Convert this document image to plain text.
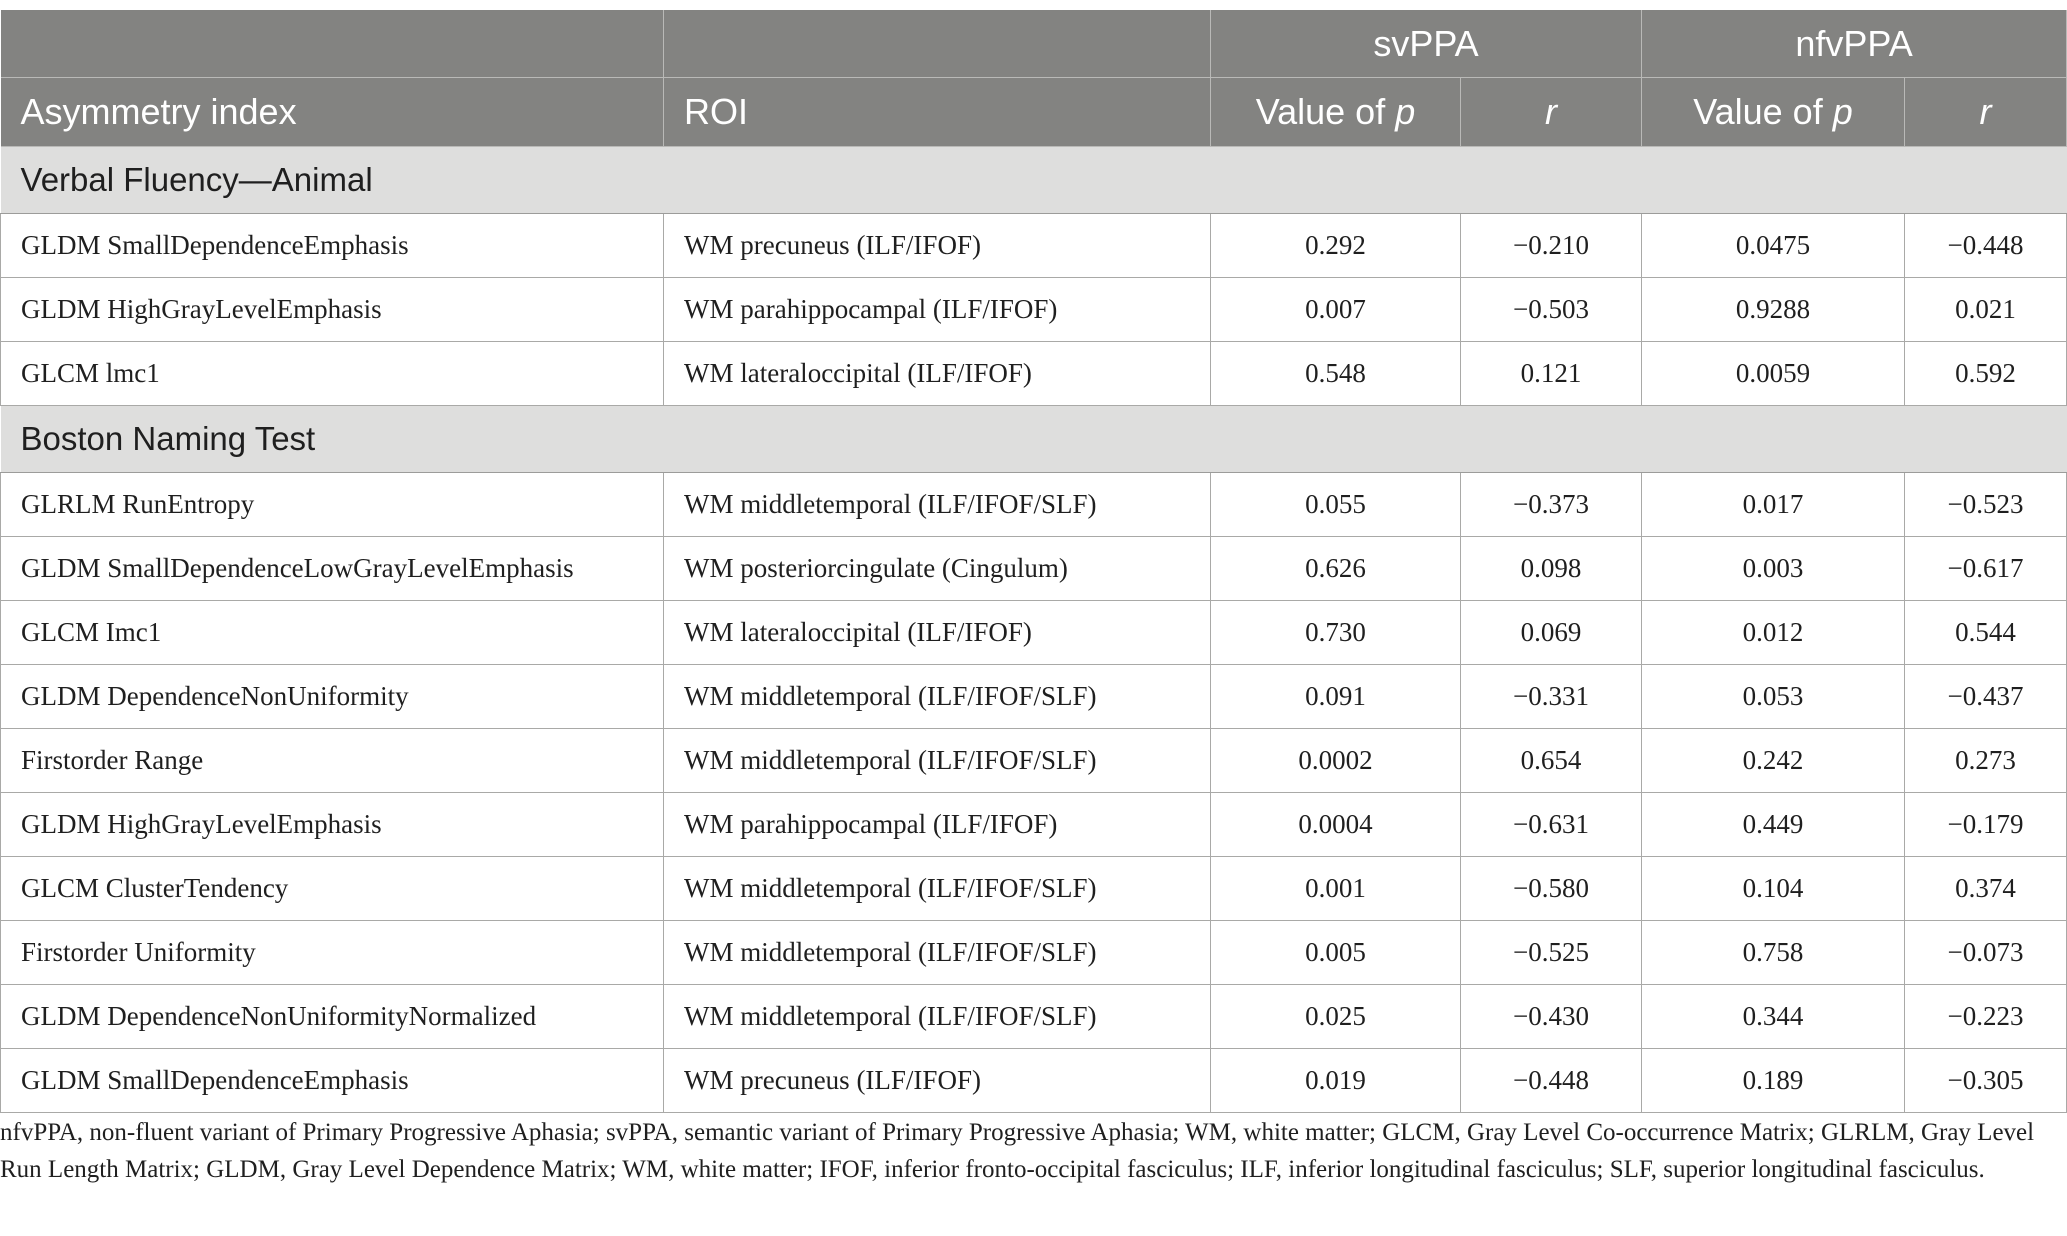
		svPPA		nfvPPA	
Asymmetry index	ROI	Value of p	r	Value of p	r
Verbal Fluency—Animal					
GLDM SmallDependenceEmphasis	WM precuneus (ILF/IFOF)	0.292	−0.210	0.0475	−0.448
GLDM HighGrayLevelEmphasis	WM parahippocampal (ILF/IFOF)	0.007	−0.503	0.9288	0.021
GLCM lmc1	WM lateraloccipital (ILF/IFOF)	0.548	0.121	0.0059	0.592
Boston Naming Test					
GLRLM RunEntropy	WM middletemporal (ILF/IFOF/SLF)	0.055	−0.373	0.017	−0.523
GLDM SmallDependenceLowGrayLevelEmphasis	WM posteriorcingulate (Cingulum)	0.626	0.098	0.003	−0.617
GLCM Imc1	WM lateraloccipital (ILF/IFOF)	0.730	0.069	0.012	0.544
GLDM DependenceNonUniformity	WM middletemporal (ILF/IFOF/SLF)	0.091	−0.331	0.053	−0.437
Firstorder Range	WM middletemporal (ILF/IFOF/SLF)	0.0002	0.654	0.242	0.273
GLDM HighGrayLevelEmphasis	WM parahippocampal (ILF/IFOF)	0.0004	−0.631	0.449	−0.179
GLCM ClusterTendency	WM middletemporal (ILF/IFOF/SLF)	0.001	−0.580	0.104	0.374
Firstorder Uniformity	WM middletemporal (ILF/IFOF/SLF)	0.005	−0.525	0.758	−0.073
GLDM DependenceNonUniformityNormalized	WM middletemporal (ILF/IFOF/SLF)	0.025	−0.430	0.344	−0.223
GLDM SmallDependenceEmphasis	WM precuneus (ILF/IFOF)	0.019	−0.448	0.189	−0.305
nfvPPA, non-fluent variant of Primary Progressive Aphasia; svPPA, semantic variant of Primary Progressive Aphasia; WM, white matter; GLCM, Gray Level Co-occurrence Matrix; GLRLM, Gray Level Run Length Matrix; GLDM, Gray Level Dependence Matrix; WM, white matter; IFOF, inferior fronto-occipital fasciculus; ILF, inferior longitudinal fasciculus; SLF, superior longitudinal fasciculus.
